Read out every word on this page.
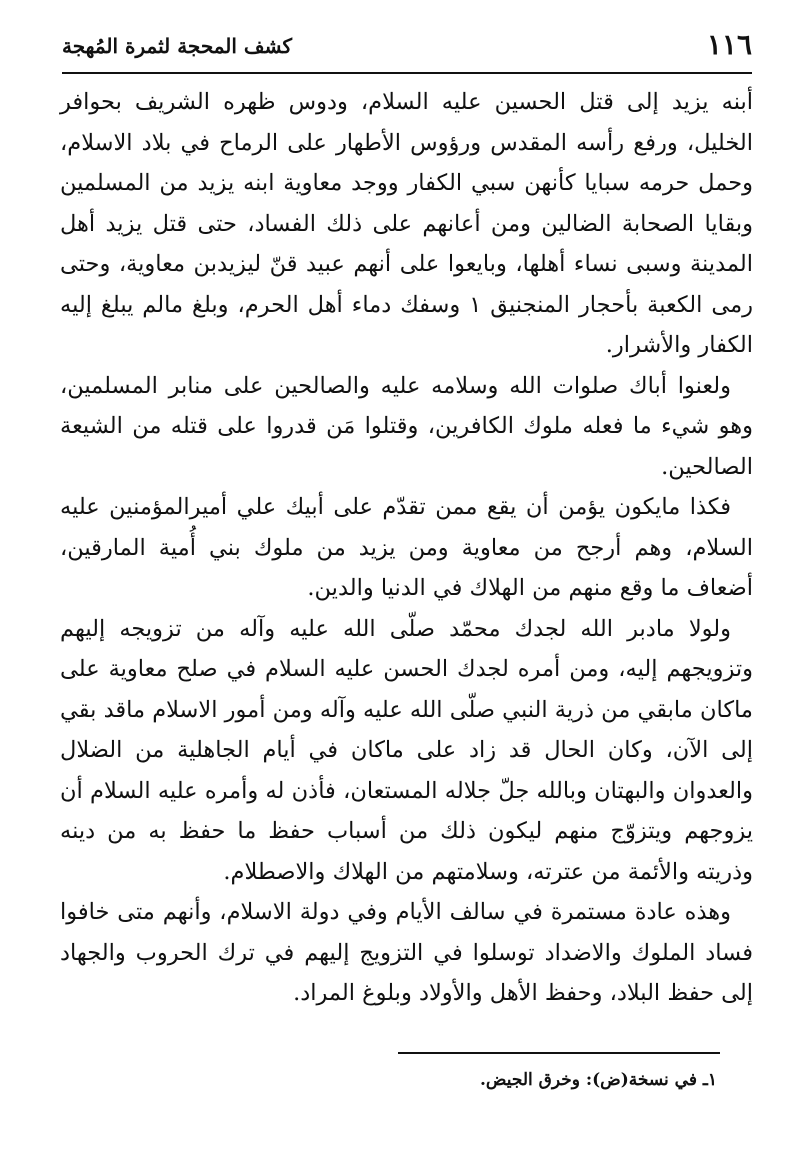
١١٦
كشف المحجة لثمرة المُهجة

أبنه يزيد إلى قتل الحسين عليه السلام، ودوس ظهره الشريف بحوافر الخليل، ورفع رأسه المقدس ورؤوس الأطهار على الرماح في بلاد الاسلام، وحمل حرمه سبايا كأنهن سبي الكفار ووجد معاوية ابنه يزيد من المسلمين وبقايا الصحابة الضالين ومن أعانهم على ذلك الفساد، حتى قتل يزيد أهل المدينة وسبى نساء أهلها، وبايعوا على أنهم عبيد قنّ ليزيدبن معاوية، وحتى رمى الكعبة بأحجار المنجنيق ١ وسفك دماء أهل الحرم، وبلغ مالم يبلغ إليه الكفار والأشرار.

ولعنوا أباك صلوات الله وسلامه عليه والصالحين على منابر المسلمين، وهو شيء ما فعله ملوك الكافرين، وقتلوا مَن قدروا على قتله من الشيعة الصالحين.

فكذا مايكون يؤمن أن يقع ممن تقدّم على أبيك علي أميرالمؤمنين عليه السلام، وهم أرجح من معاوية ومن يزيد من ملوك بني أُمية المارقين، أضعاف ما وقع منهم من الهلاك في الدنيا والدين.

ولولا مادبر الله لجدك محمّد صلّى الله عليه وآله من تزويجه إليهم وتزويجهم إليه، ومن أمره لجدك الحسن عليه السلام في صلح معاوية على ماكان مابقي من ذرية النبي صلّى الله عليه وآله ومن أمور الاسلام ماقد بقي إلى الآن، وكان الحال قد زاد على ماكان في أيام الجاهلية من الضلال والعدوان والبهتان وبالله جلّ جلاله المستعان، فأذن له وأمره عليه السلام أن يزوجهم ويتزوّج منهم ليكون ذلك من أسباب حفظ ما حفظ به من دينه وذريته والأئمة من عترته، وسلامتهم من الهلاك والاصطلام.

وهذه عادة مستمرة في سالف الأيام وفي دولة الاسلام، وأنهم متى خافوا فساد الملوك والاضداد توسلوا في التزويج إليهم في ترك الحروب والجهاد إلى حفظ البلاد، وحفظ الأهل والأولاد وبلوغ المراد.

١ـ في نسخة(ض): وخرق الجيض.
